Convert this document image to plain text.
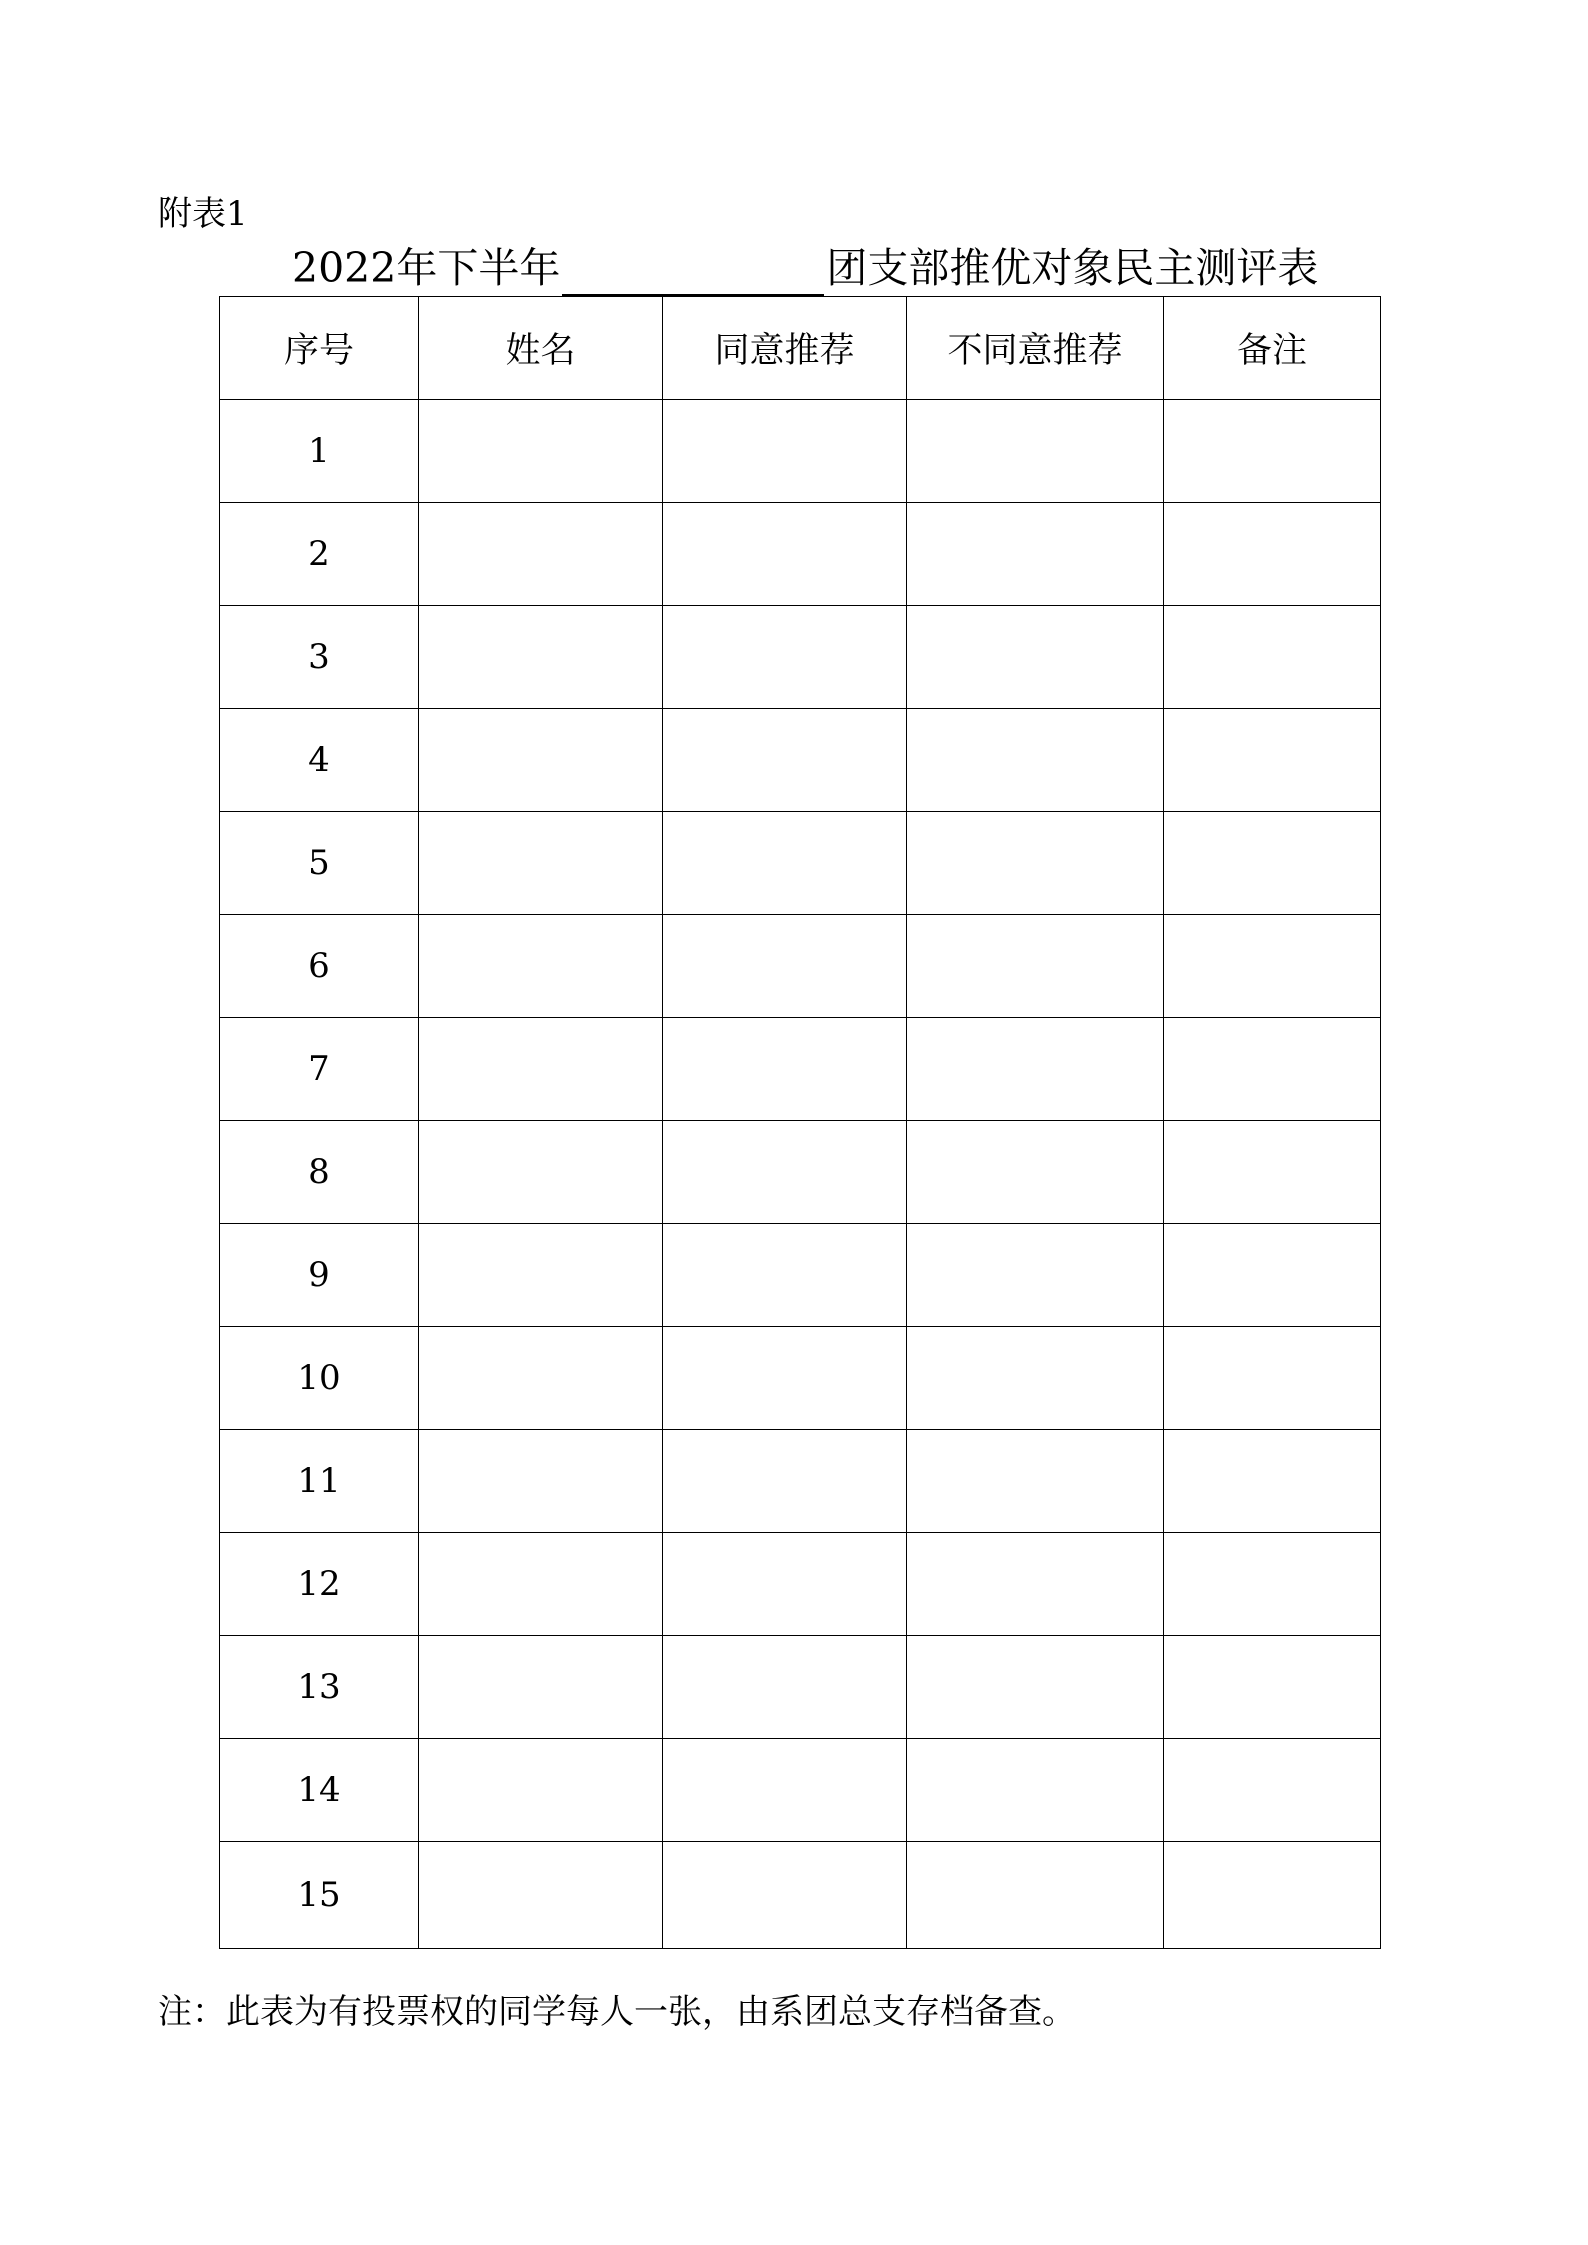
附表1
2022年下半年	团支部推优对象民主测评表
序号	姓名	同意推荐	不同意推荐	备注
1				
2				
3				
4				
5				
6				
7				
8				
9				
10				
11				
12				
13				
14				
15				
注：此表为有投票权的同学每人一张，由系团总支存档备查。
